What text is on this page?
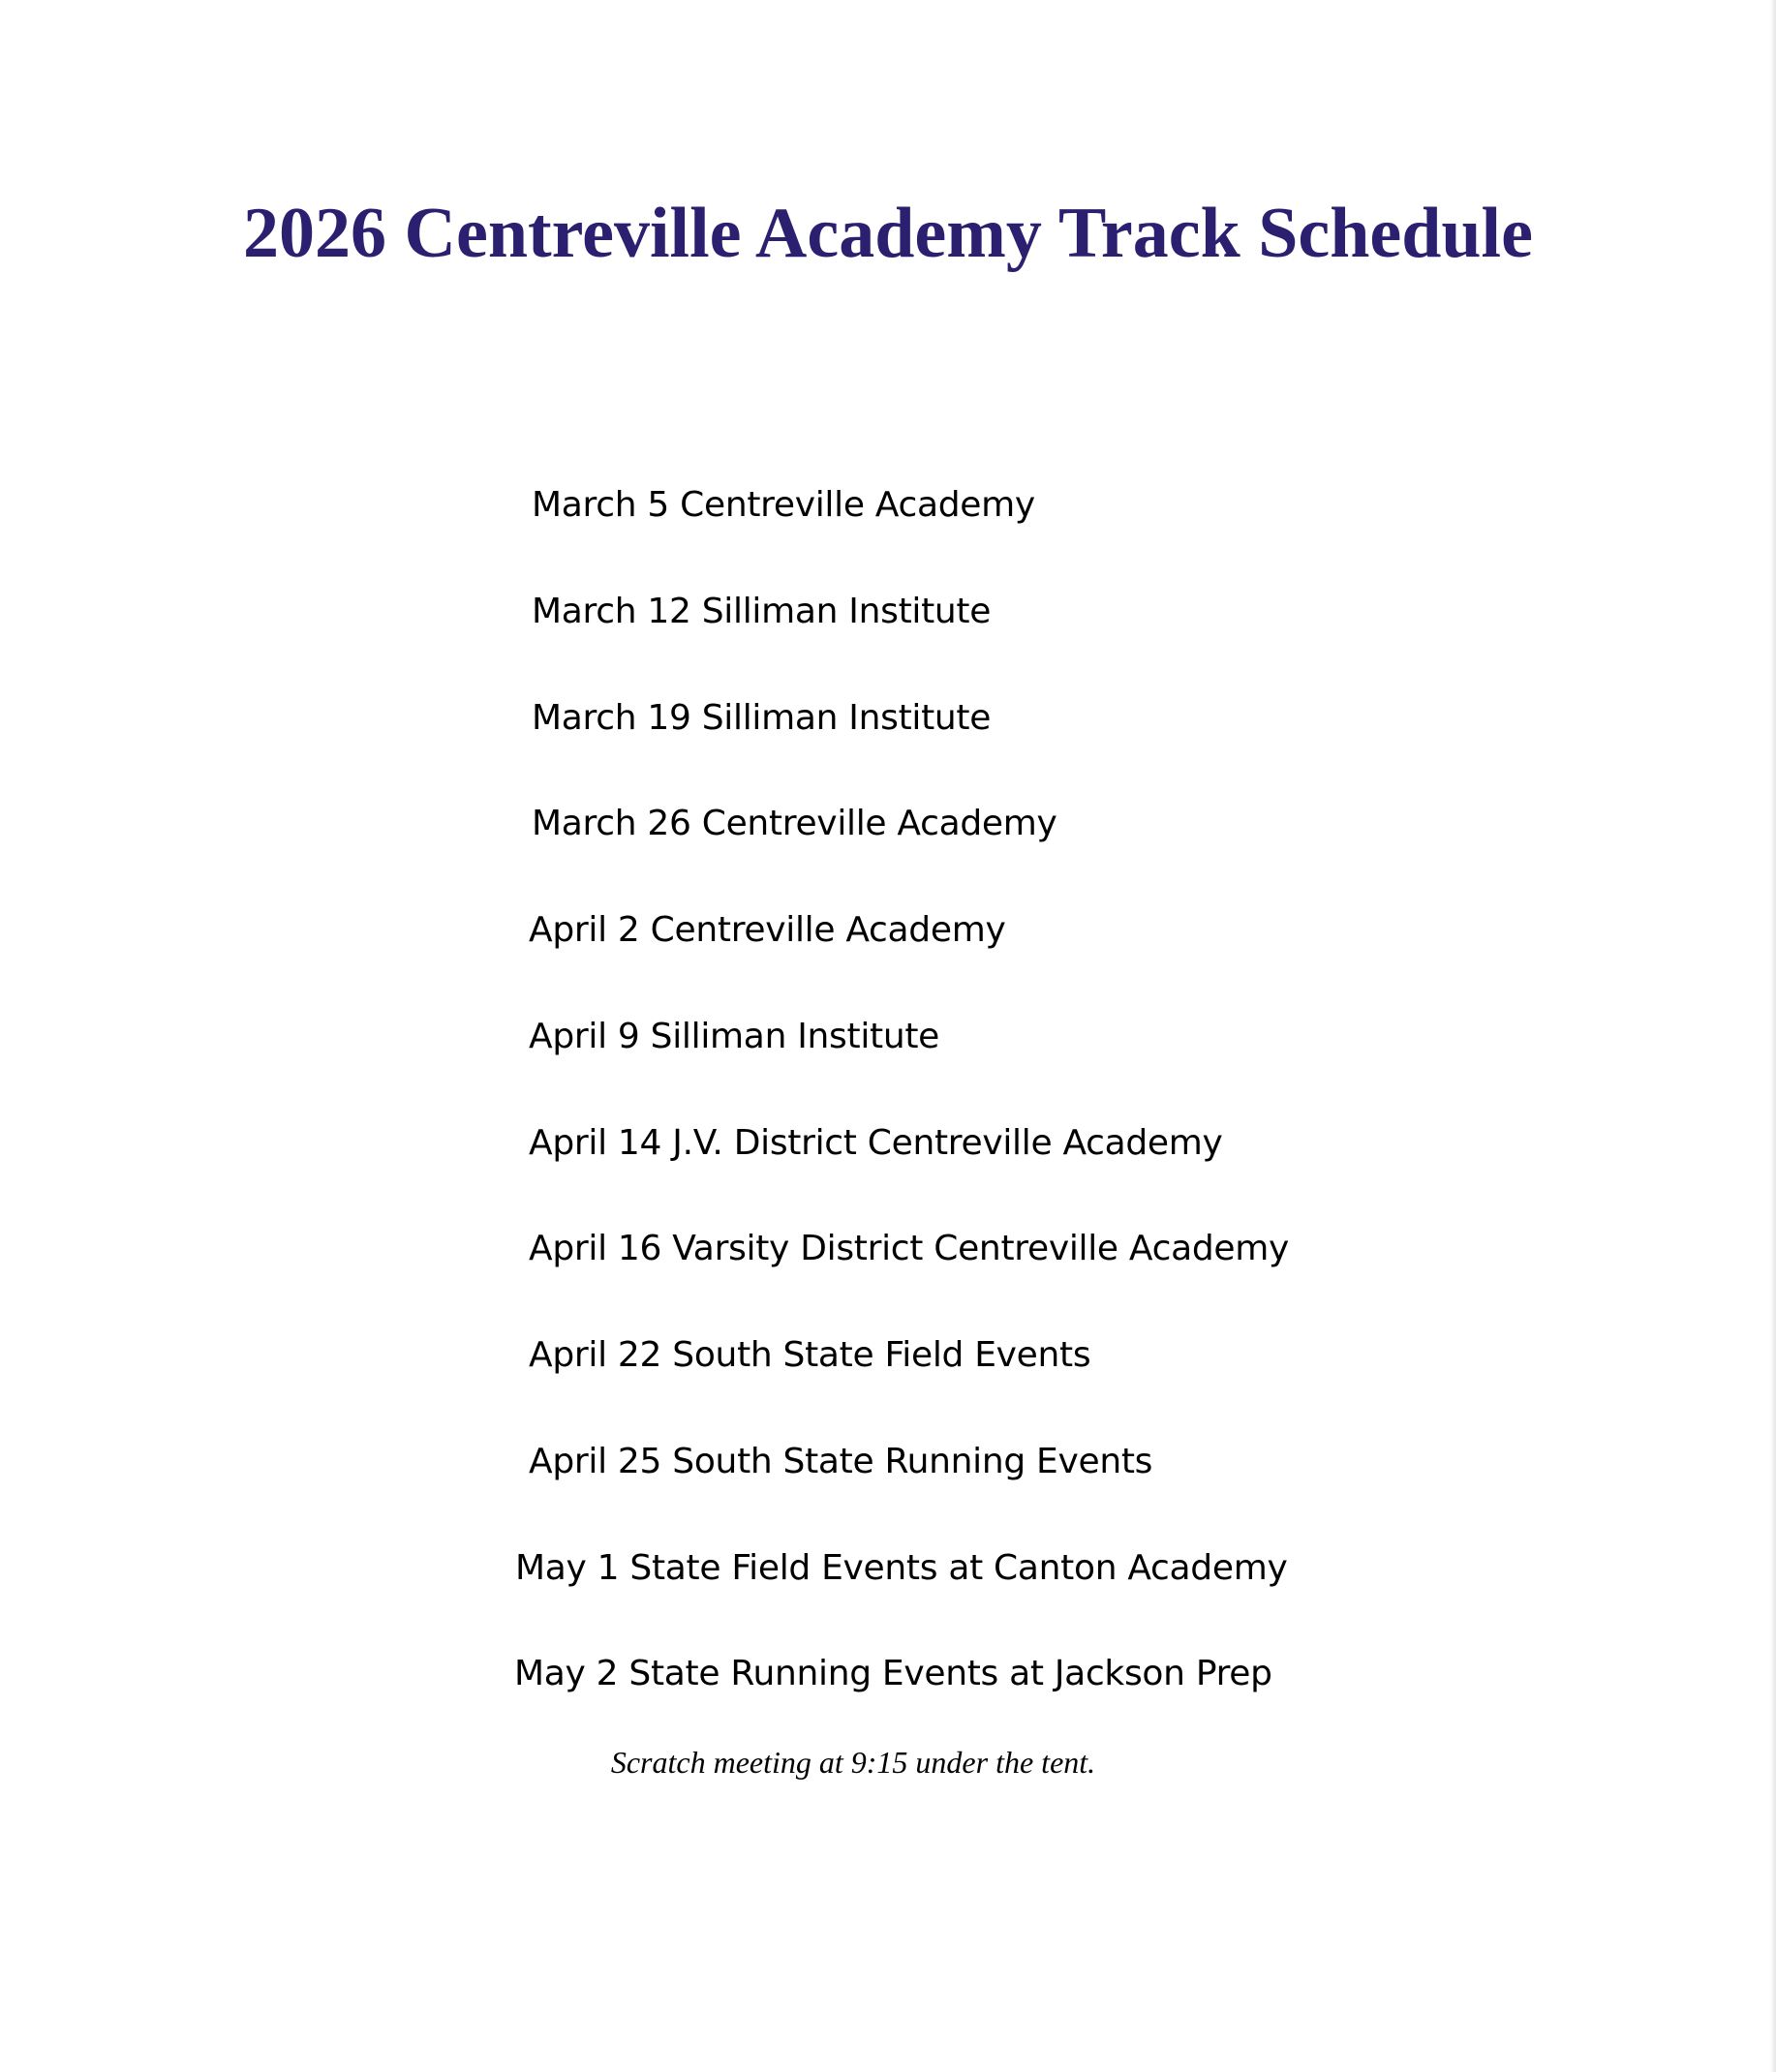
2026 Centreville Academy Track Schedule

March 5 Centreville Academy

March 12 Silliman Institute

March 19 Silliman Institute

March 26 Centreville Academy

April 2 Centreville Academy

April 9 Silliman Institute

April 14 J.V. District Centreville Academy

April 16 Varsity District Centreville Academy

April 22 South State Field Events

April 25 South State Running Events

May 1 State Field Events at Canton Academy

May 2 State Running Events at Jackson Prep

Scratch meeting at 9:15 under the tent.
